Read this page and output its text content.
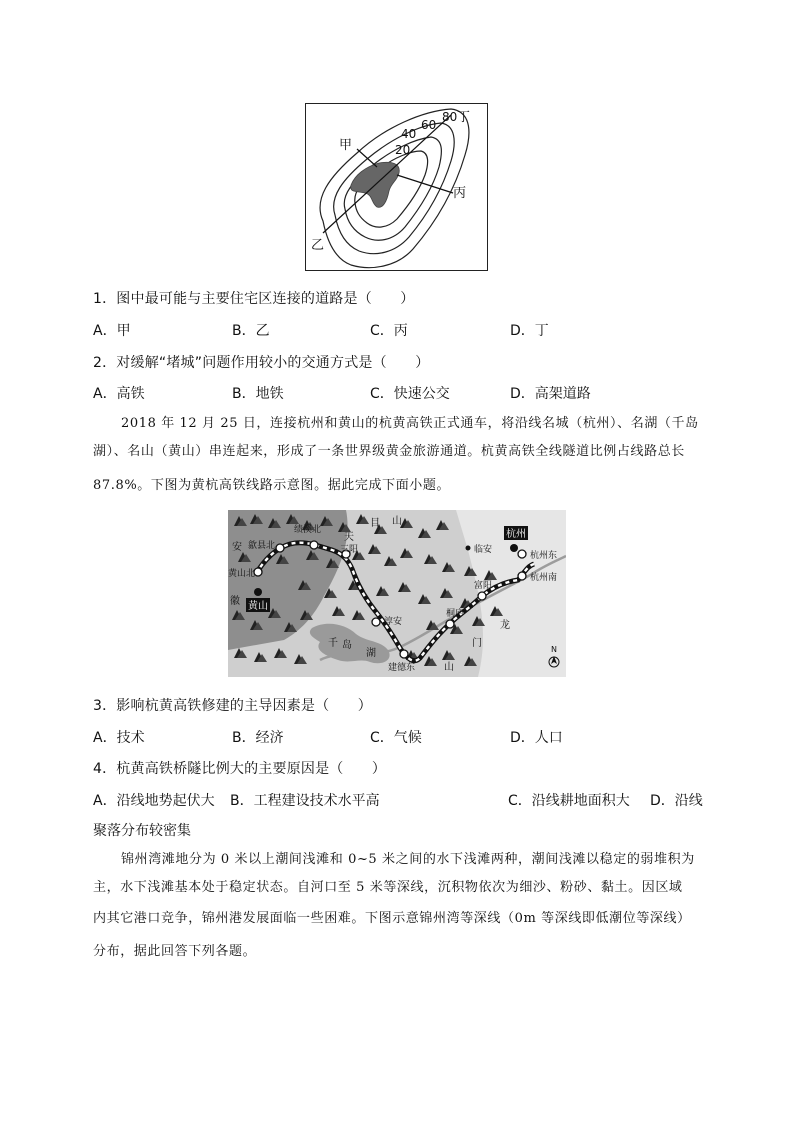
80
60
40
20
丁
甲
丙
乙
1．图中最可能与主要住宅区连接的道路是（　　）
A．甲	B．乙	C．丙	D．丁
2．对缓解“堵城”问题作用较小的交通方式是（　　）
A．高铁	B．地铁	C．快速公交	D．高架道路
2018 年 12 月 25 日，连接杭州和黄山的杭黄高铁正式通车，将沿线名城（杭州）、名湖（千岛
湖）、名山（黄山）串连起来，形成了一条世界级黄金旅游通道。杭黄高铁全线隧道比例占线路总长
87.8%。下图为黄杭高铁线路示意图。据此完成下面小题。
绩溪北
歙县北
黄山北
三阳
淳安
建德东
桐庐
富阳
杭州东
杭州南
临安
杭州
黄山
安
徽
天
目 山
千 岛
湖
龙
门
山
N
3．影响杭黄高铁修建的主导因素是（　　）
A．技术	B．经济	C．气候	D．人口
4．杭黄高铁桥隧比例大的主要原因是（　　）
A．沿线地势起伏大 B．工程建设技术水平高	C．沿线耕地面积大 D．沿线
聚落分布较密集
锦州湾滩地分为 0 米以上潮间浅滩和 0~5 米之间的水下浅滩两种，潮间浅滩以稳定的弱堆积为
主，水下浅滩基本处于稳定状态。自河口至 5 米等深线，沉积物依次为细沙、粉砂、黏土。因区域
内其它港口竞争，锦州港发展面临一些困难。下图示意锦州湾等深线（0m 等深线即低潮位等深线）
分布，据此回答下列各题。
